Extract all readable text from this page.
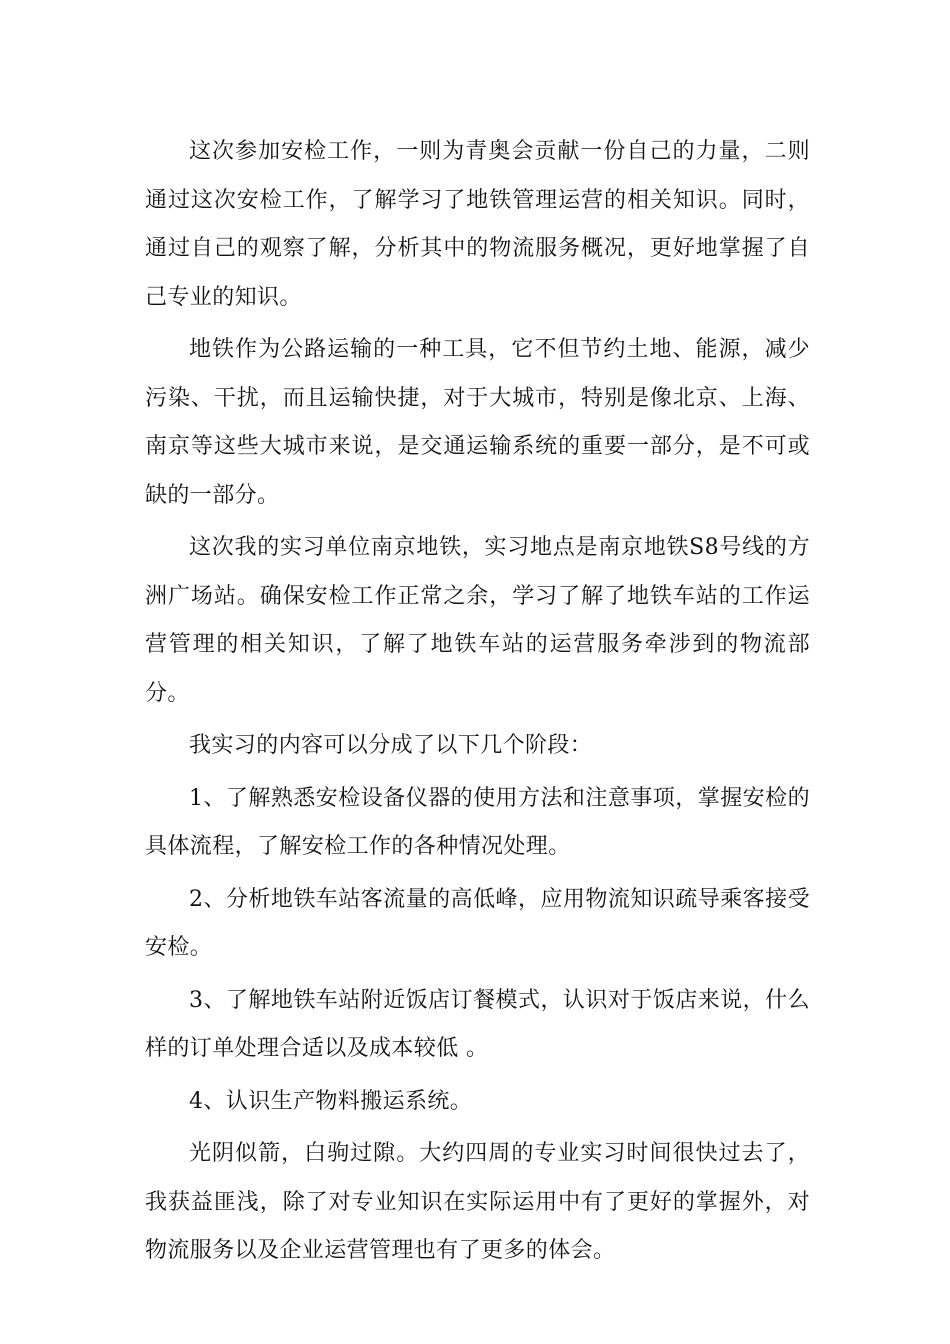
这次参加安检工作，一则为青奥会贡献一份自己的力量，二则通过这次安检工作，了解学习了地铁管理运营的相关知识。同时，通过自己的观察了解，分析其中的物流服务概况，更好地掌握了自己专业的知识。

地铁作为公路运输的一种工具，它不但节约土地、能源，减少污染、干扰，而且运输快捷，对于大城市，特别是像北京、上海、南京等这些大城市来说，是交通运输系统的重要一部分，是不可或缺的一部分。

这次我的实习单位南京地铁，实习地点是南京地铁S8号线的方洲广场站。确保安检工作正常之余，学习了解了地铁车站的工作运营管理的相关知识，了解了地铁车站的运营服务牵涉到的物流部分。

我实习的内容可以分成了以下几个阶段：

1、了解熟悉安检设备仪器的使用方法和注意事项，掌握安检的具体流程，了解安检工作的各种情况处理。

2、分析地铁车站客流量的高低峰，应用物流知识疏导乘客接受安检。

3、了解地铁车站附近饭店订餐模式，认识对于饭店来说，什么样的订单处理合适以及成本较低 。

4、认识生产物料搬运系统。

光阴似箭，白驹过隙。大约四周的专业实习时间很快过去了，我获益匪浅，除了对专业知识在实际运用中有了更好的掌握外，对物流服务以及企业运营管理也有了更多的体会。
